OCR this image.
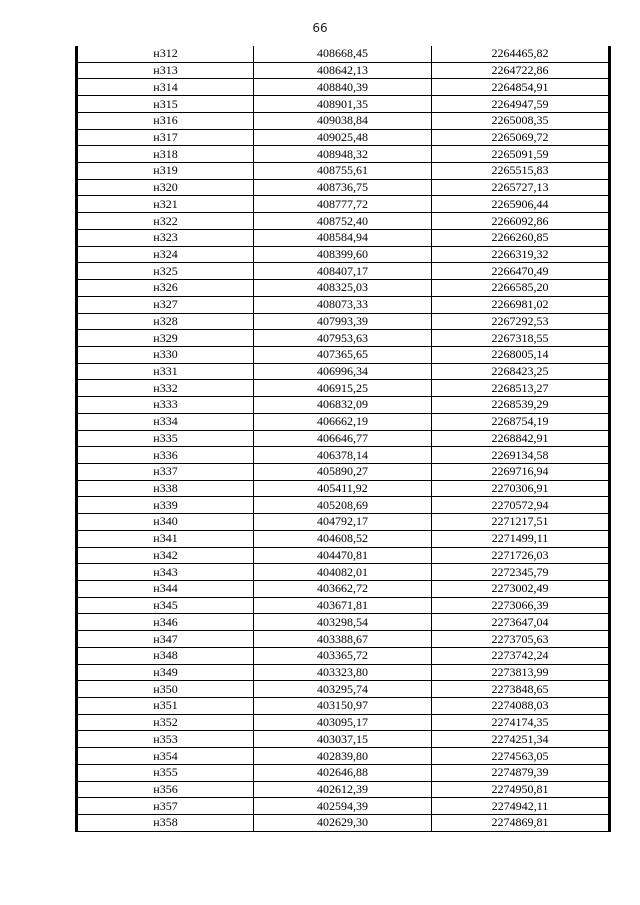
66
н312	408668,45	2264465,82
н313	408642,13	2264722,86
н314	408840,39	2264854,91
н315	408901,35	2264947,59
н316	409038,84	2265008,35
н317	409025,48	2265069,72
н318	408948,32	2265091,59
н319	408755,61	2265515,83
н320	408736,75	2265727,13
н321	408777,72	2265906,44
н322	408752,40	2266092,86
н323	408584,94	2266260,85
н324	408399,60	2266319,32
н325	408407,17	2266470,49
н326	408325,03	2266585,20
н327	408073,33	2266981,02
н328	407993,39	2267292,53
н329	407953,63	2267318,55
н330	407365,65	2268005,14
н331	406996,34	2268423,25
н332	406915,25	2268513,27
н333	406832,09	2268539,29
н334	406662,19	2268754,19
н335	406646,77	2268842,91
н336	406378,14	2269134,58
н337	405890,27	2269716,94
н338	405411,92	2270306,91
н339	405208,69	2270572,94
н340	404792,17	2271217,51
н341	404608,52	2271499,11
н342	404470,81	2271726,03
н343	404082,01	2272345,79
н344	403662,72	2273002,49
н345	403671,81	2273066,39
н346	403298,54	2273647,04
н347	403388,67	2273705,63
н348	403365,72	2273742,24
н349	403323,80	2273813,99
н350	403295,74	2273848,65
н351	403150,97	2274088,03
н352	403095,17	2274174,35
н353	403037,15	2274251,34
н354	402839,80	2274563,05
н355	402646,88	2274879,39
н356	402612,39	2274950,81
н357	402594,39	2274942,11
н358	402629,30	2274869,81
